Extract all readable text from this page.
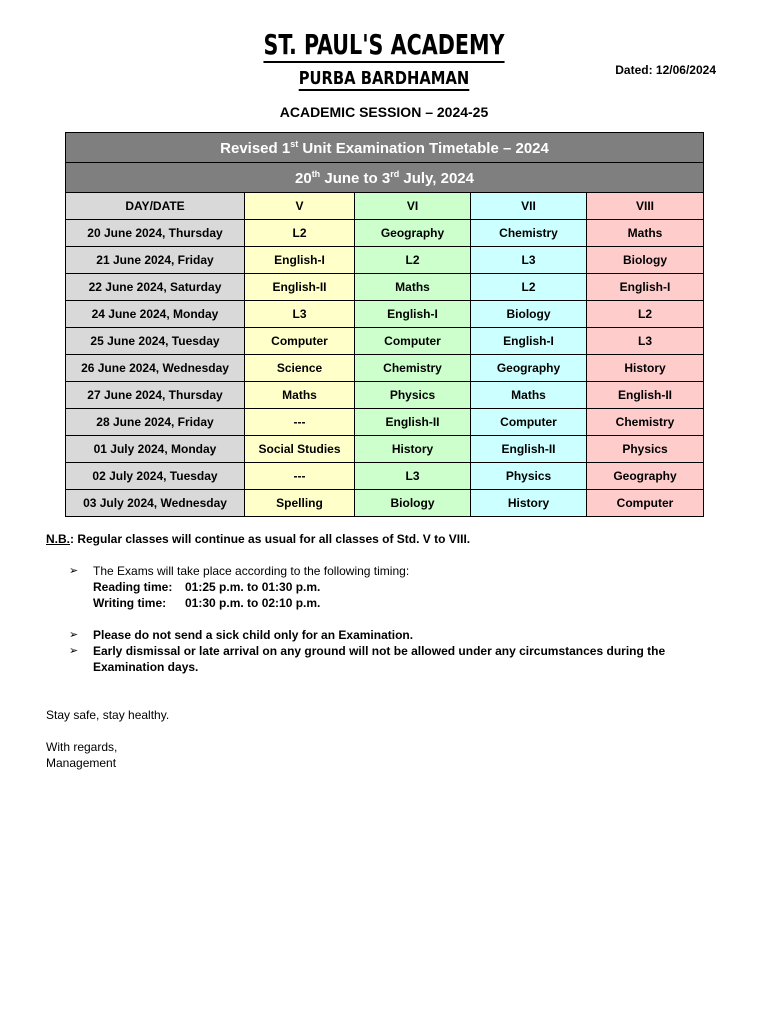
ST. PAUL'S ACADEMY
PURBA BARDHAMAN	Dated: 12/06/2024
ACADEMIC SESSION – 2024-25
Revised 1st Unit Examination Timetable – 2024				
20th June to 3rd July, 2024				
DAY/DATE	V	VI	VII	VIII
20 June 2024, Thursday	L2	Geography	Chemistry	Maths
21 June 2024, Friday	English-I	L2	L3	Biology
22 June 2024, Saturday	English-II	Maths	L2	English-I
24 June 2024, Monday	L3	English-I	Biology	L2
25 June 2024, Tuesday	Computer	Computer	English-I	L3
26 June 2024, Wednesday	Science	Chemistry	Geography	History
27 June 2024, Thursday	Maths	Physics	Maths	English-II
28 June 2024, Friday	---	English-II	Computer	Chemistry
01 July 2024, Monday	Social Studies	History	English-II	Physics
02 July 2024, Tuesday	---	L3	Physics	Geography
03 July 2024, Wednesday	Spelling	Biology	History	Computer
N.B.: Regular classes will continue as usual for all classes of Std. V to VIII.
➢ The Exams will take place according to the following timing:
Reading time: 01:25 p.m. to 01:30 p.m.
Writing time: 01:30 p.m. to 02:10 p.m.
➢ Please do not send a sick child only for an Examination.
➢ Early dismissal or late arrival on any ground will not be allowed under any circumstances during the Examination days.
Stay safe, stay healthy.
With regards,
Management
